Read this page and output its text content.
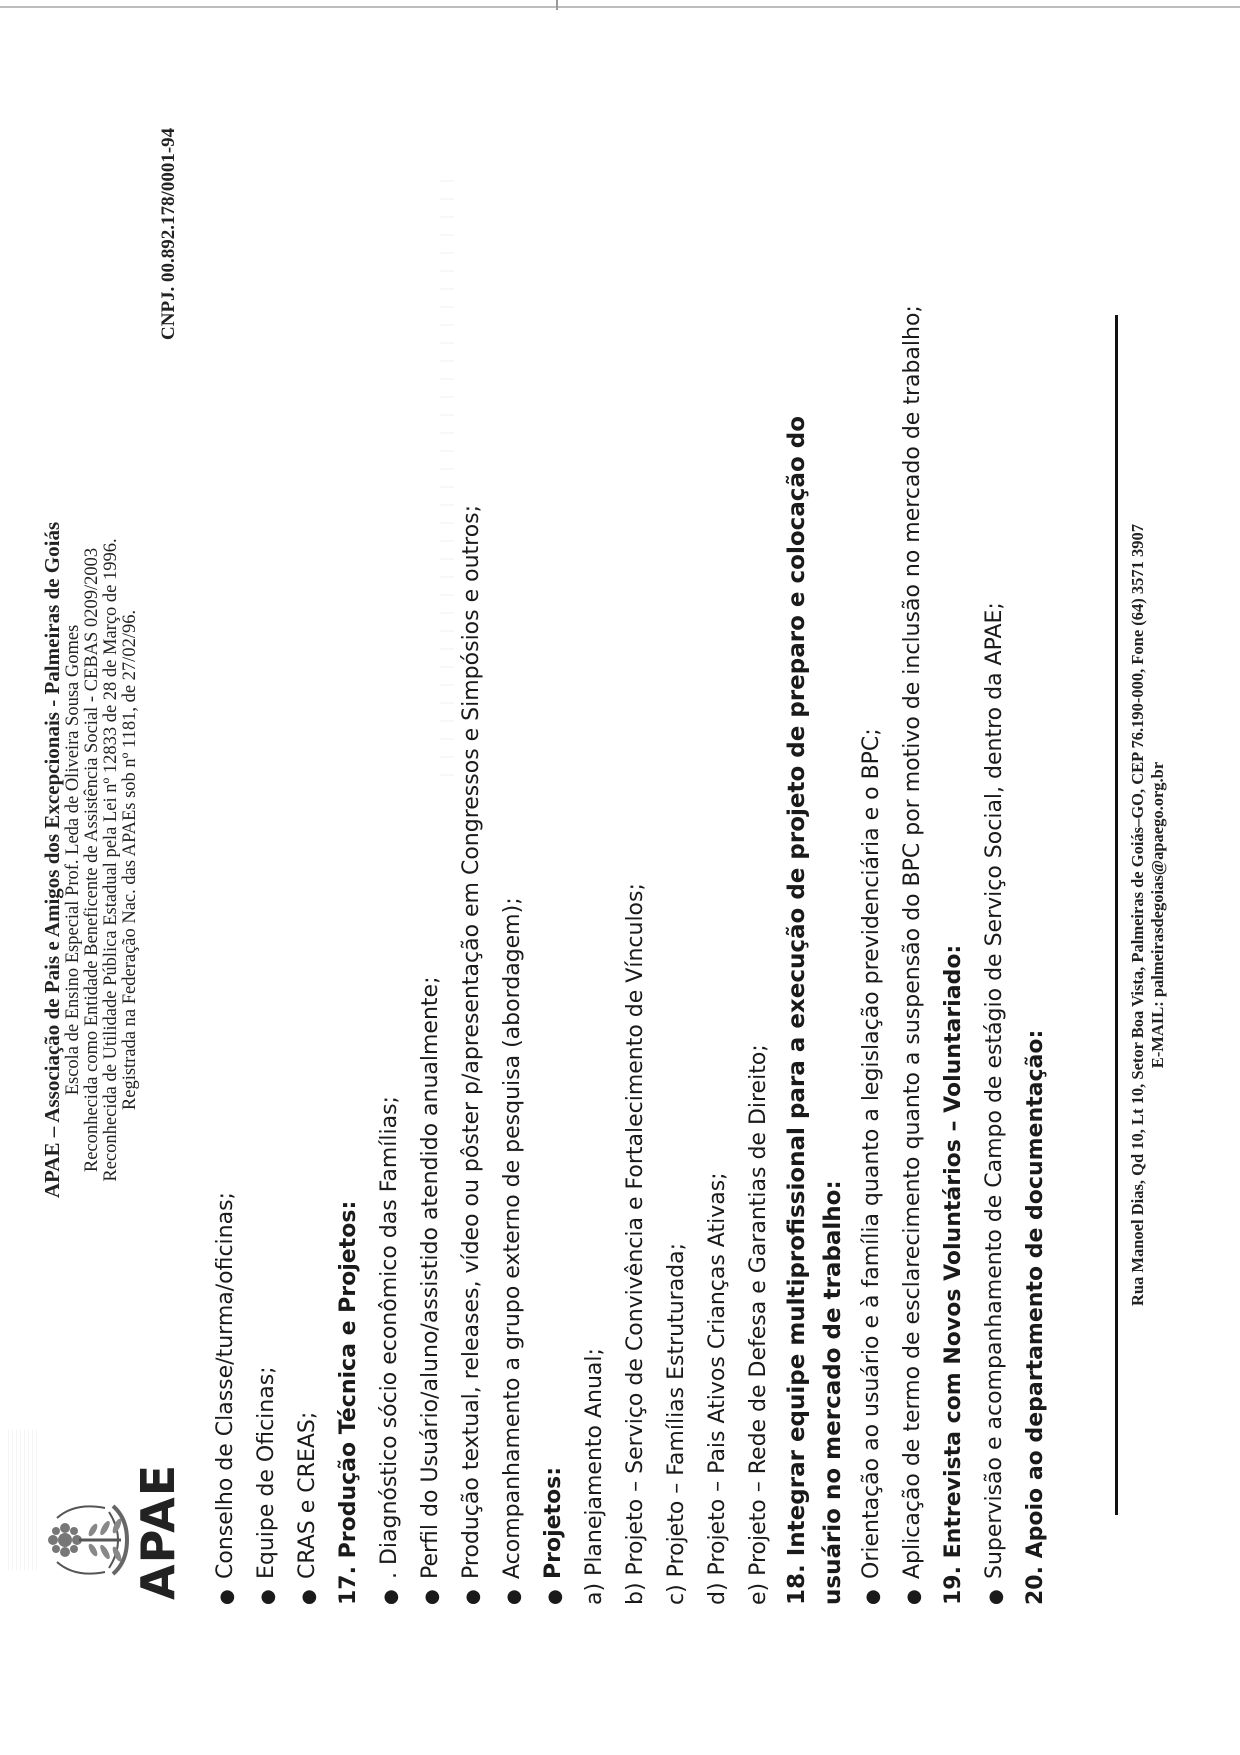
APAE
APAE – Associação de Pais e Amigos dos Excepcionais - Palmeiras de Goiás Escola de Ensino Especial Prof. Leda de Oliveira Sousa Gomes Reconhecida como Entidade Beneficente de Assistência Social - CEBAS 0209/2003 Reconhecida de Utilidade Pública Estadual pela Lei nº 12833 de 28 de Março de 1996. Registrada na Federação Nac. das APAEs sob nº 1181, de 27/02/96.
CNPJ. 00.892.178/0001-94
●Conselho de Classe/turma/oficinas;
●Equipe de Oficinas;
●CRAS e CREAS; 17. Produção Técnica e Projetos:	●. Diagnóstico sócio econômico das Famílias;
●Perfil do Usuário/aluno/assistido atendido anualmente;
●Produção textual, releases, vídeo ou pôster p/apresentação em Congressos e Simpósios e outros;
●Acompanhamento a grupo externo de pesquisa (abordagem);
●Projetos: a) Planejamento Anual; b) Projeto – Serviço de Convivência e Fortalecimento de Vínculos; c) Projeto – Famílias Estruturada; d) Projeto – Pais Ativos Crianças Ativas; e) Projeto – Rede de Defesa e Garantias de Direito; 18. Integrar equipe multiprofissional para a execução de projeto de preparo e colocação do usuário no mercado de trabalho: ●Orientação ao usuário e à família quanto a legislação previdenciária e o BPC;
●Aplicação de termo de esclarecimento quanto a suspensão do BPC por motivo de inclusão no mercado de trabalho; 19. Entrevista com Novos Voluntários – Voluntariado:	●Supervisão e acompanhamento de Campo de estágio de Serviço Social, dentro da APAE; 20. Apoio ao departamento de documentação:
Rua Manoel Dias, Qd 10, Lt 10, Setor Boa Vista, Palmeiras de Goiás–GO, CEP 76.190-000, Fone (64) 3571 3907 E-MAIL: palmeirasdegoias@apaego.org.br
